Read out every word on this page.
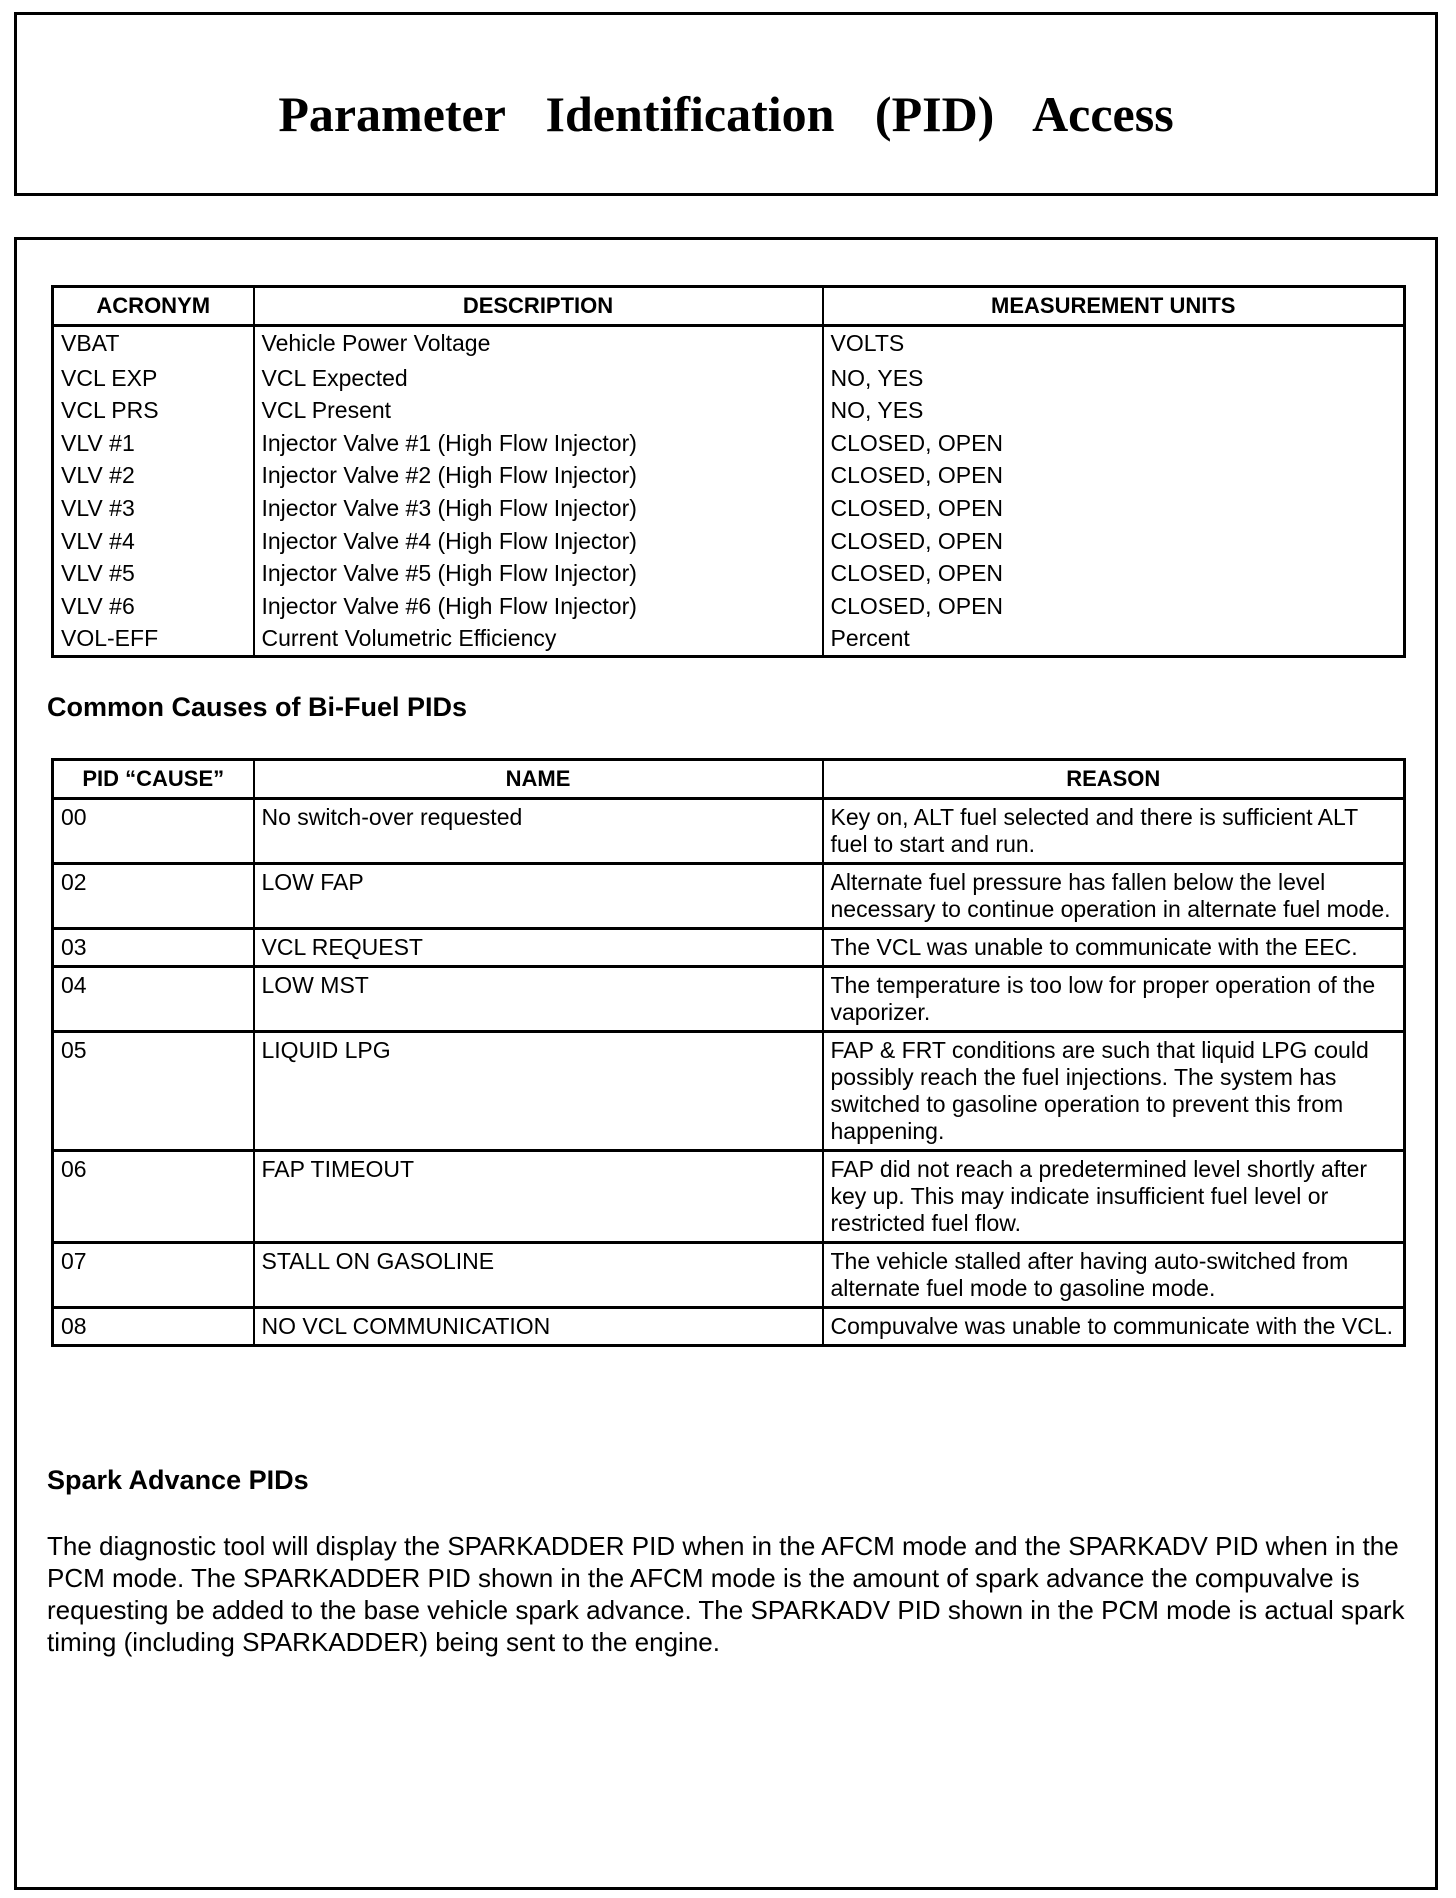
Parameter Identification (PID) Access
ACRONYM	DESCRIPTION	MEASUREMENT UNITS
VBAT	Vehicle Power Voltage	VOLTS
VCL EXP	VCL Expected	NO, YES
VCL PRS	VCL Present	NO, YES
VLV #1	Injector Valve #1 (High Flow Injector)	CLOSED, OPEN
VLV #2	Injector Valve #2 (High Flow Injector)	CLOSED, OPEN
VLV #3	Injector Valve #3 (High Flow Injector)	CLOSED, OPEN
VLV #4	Injector Valve #4 (High Flow Injector)	CLOSED, OPEN
VLV #5	Injector Valve #5 (High Flow Injector)	CLOSED, OPEN
VLV #6	Injector Valve #6 (High Flow Injector)	CLOSED, OPEN
VOL-EFF	Current Volumetric Efficiency	Percent
Common Causes of Bi-Fuel PIDs
PID “CAUSE”	NAME	REASON
00	No switch-over requested	Key on, ALT fuel selected and there is sufficient ALT fuel to start and run.
02	LOW FAP	Alternate fuel pressure has fallen below the level necessary to continue operation in alternate fuel mode.
03	VCL REQUEST	The VCL was unable to communicate with the EEC.
04	LOW MST	The temperature is too low for proper operation of the vaporizer.
05	LIQUID LPG	FAP & FRT conditions are such that liquid LPG could possibly reach the fuel injections. The system has switched to gasoline operation to prevent this from happening.
06	FAP TIMEOUT	FAP did not reach a predetermined level shortly after key up. This may indicate insufficient fuel level or restricted fuel flow.
07	STALL ON GASOLINE	The vehicle stalled after having auto-switched from alternate fuel mode to gasoline mode.
08	NO VCL COMMUNICATION	Compuvalve was unable to communicate with the VCL.
Spark Advance PIDs

The diagnostic tool will display the SPARKADDER PID when in the AFCM mode and the SPARKADV PID when in the PCM mode. The SPARKADDER PID shown in the AFCM mode is the amount of spark advance the compuvalve is requesting be added to the base vehicle spark advance. The SPARKADV PID shown in the PCM mode is actual spark timing (including SPARKADDER) being sent to the engine.
